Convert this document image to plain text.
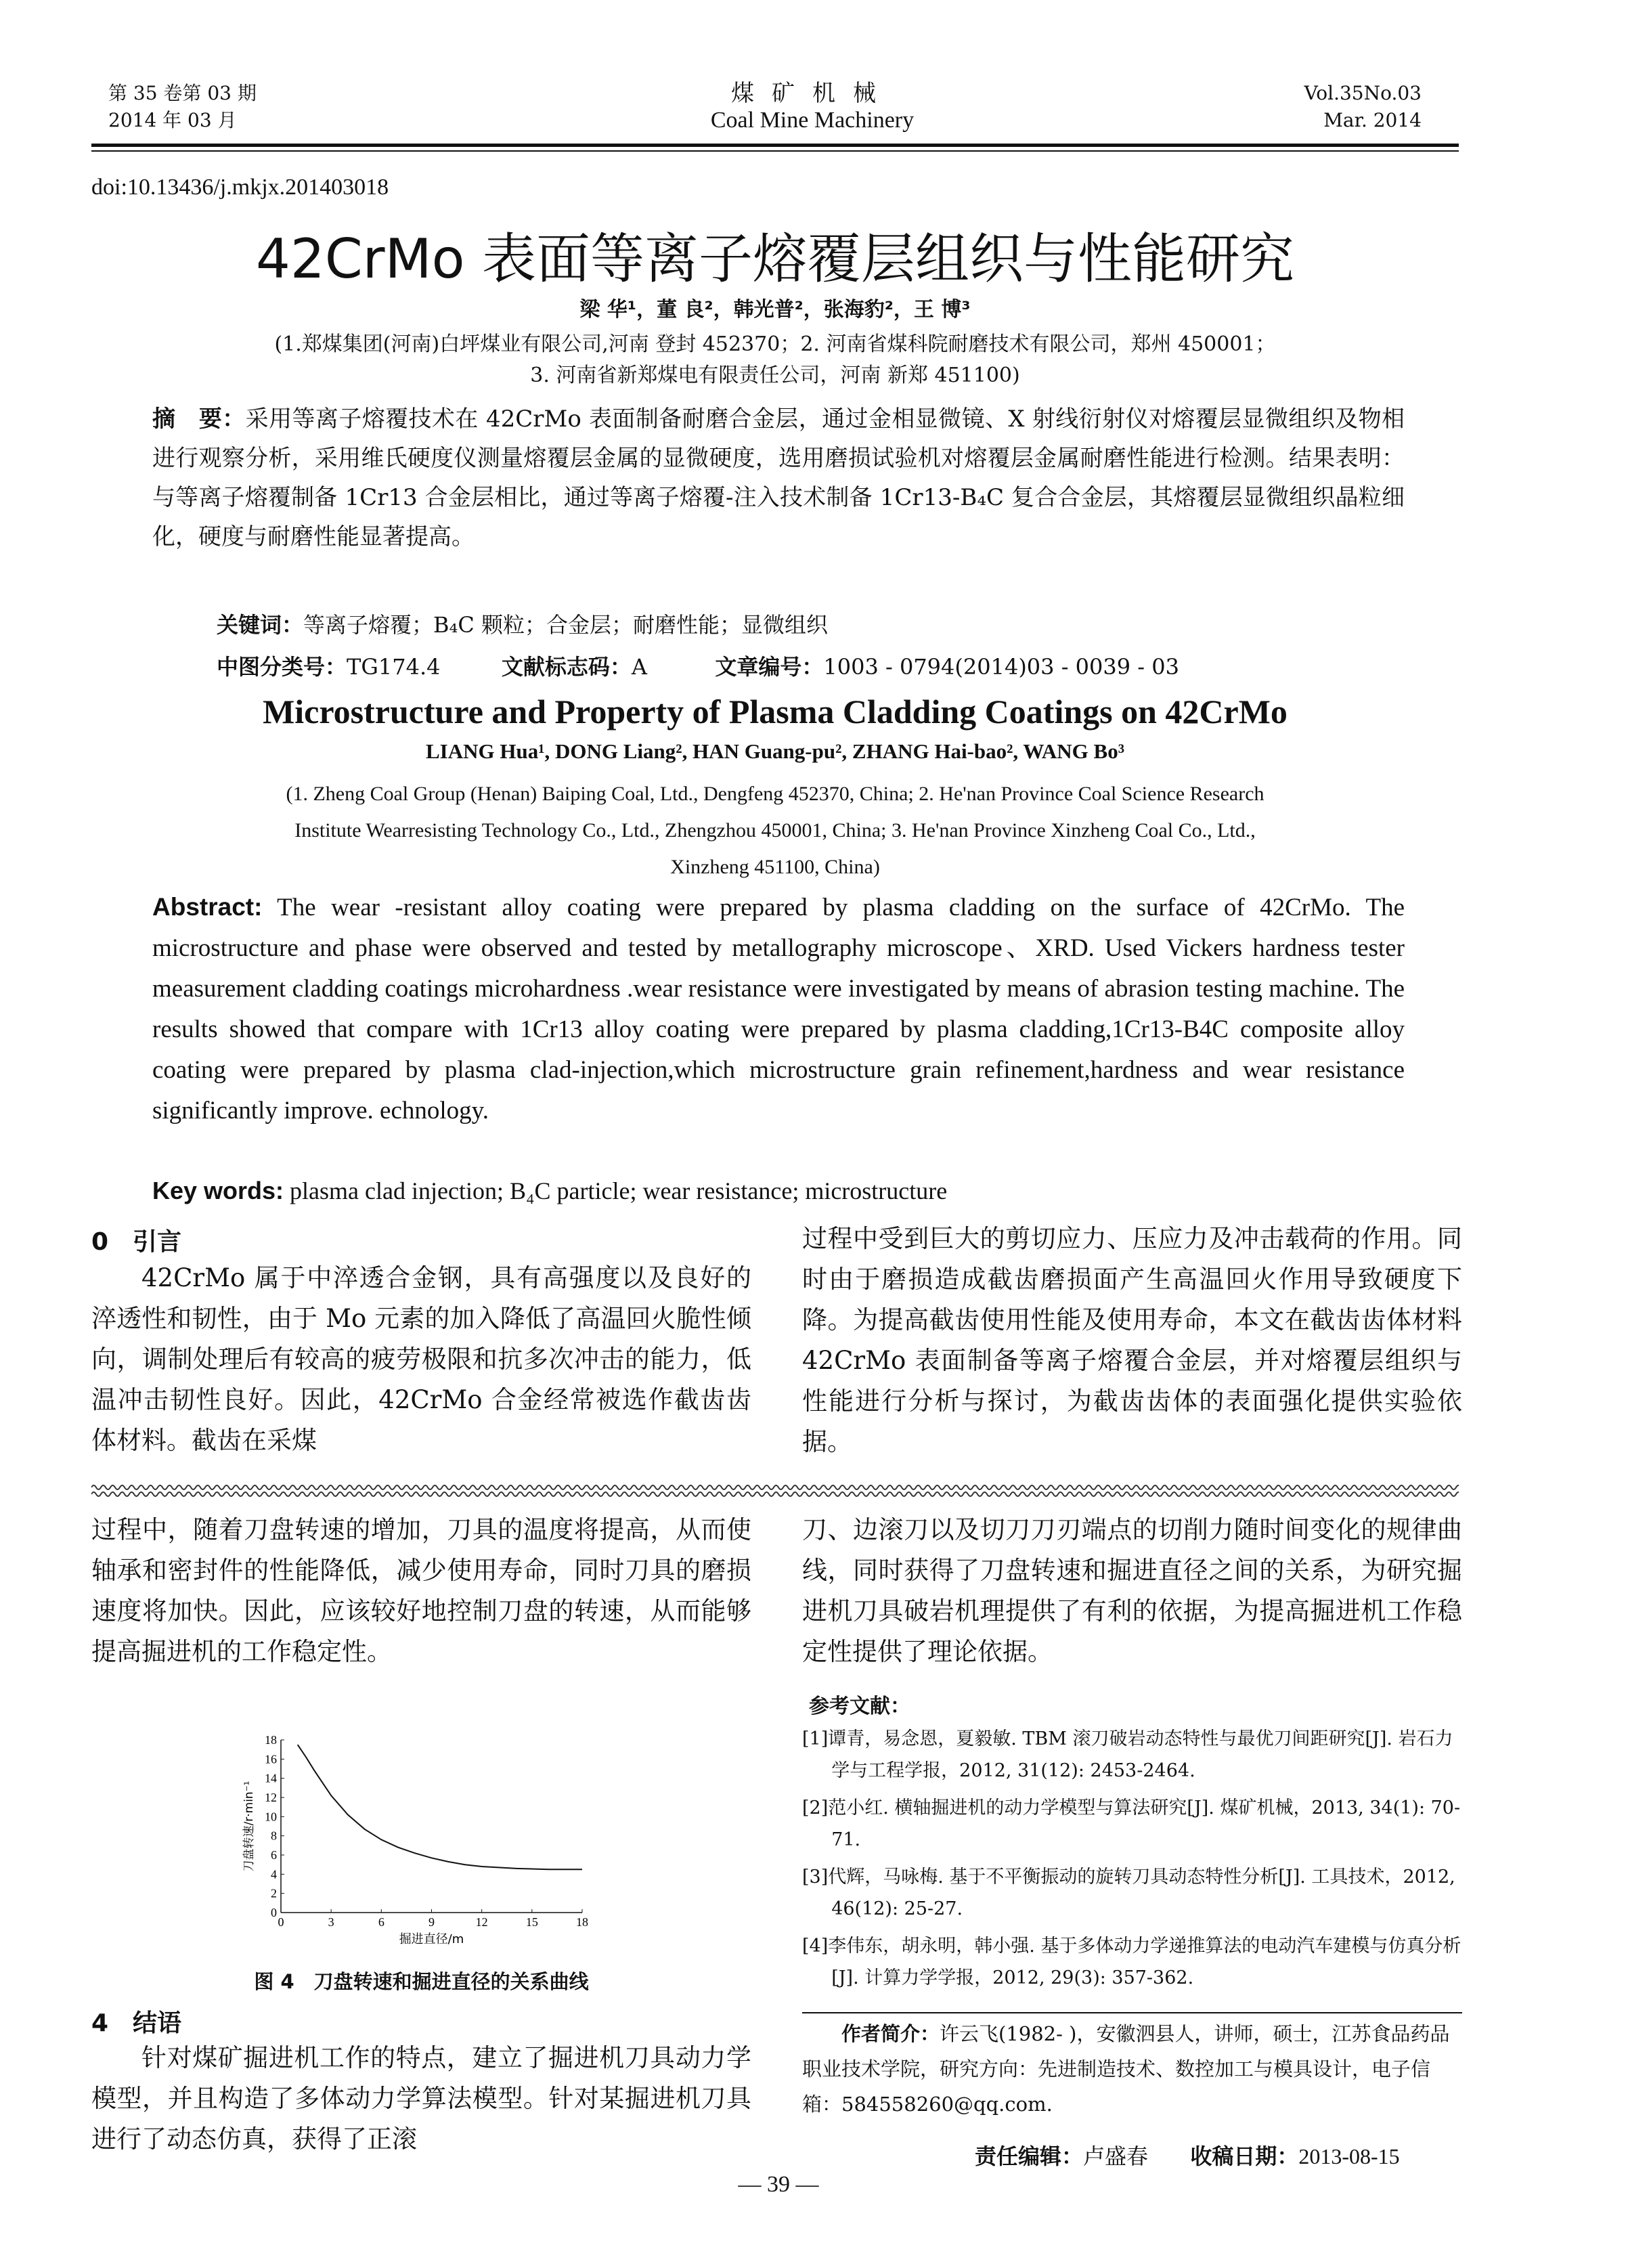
第 35 卷第 03 期
2014 年 03 月
煤矿机械
Coal Mine Machinery
Vol.35No.03
Mar. 2014
doi:10.13436/j.mkjx.201403018
42CrMo 表面等离子熔覆层组织与性能研究
梁 华¹，董 良²，韩光普²，张海豹²，王 博³
(1.郑煤集团(河南)白坪煤业有限公司,河南 登封 452370；2. 河南省煤科院耐磨技术有限公司，郑州 450001；
3. 河南省新郑煤电有限责任公司，河南 新郑 451100)
摘　要：采用等离子熔覆技术在 42CrMo 表面制备耐磨合金层，通过金相显微镜、X 射线衍射仪对熔覆层显微组织及物相进行观察分析，采用维氏硬度仪测量熔覆层金属的显微硬度，选用磨损试验机对熔覆层金属耐磨性能进行检测。结果表明：与等离子熔覆制备 1Cr13 合金层相比，通过等离子熔覆-注入技术制备 1Cr13-B₄C 复合合金层，其熔覆层显微组织晶粒细化，硬度与耐磨性能显著提高。
关键词：等离子熔覆；B₄C 颗粒；合金层；耐磨性能；显微组织
中图分类号：TG174.4	文献标志码：A	文章编号：1003 - 0794(2014)03 - 0039 - 03
Microstructure and Property of Plasma Cladding Coatings on 42CrMo
LIANG Hua¹, DONG Liang², HAN Guang-pu², ZHANG Hai-bao², WANG Bo³
(1. Zheng Coal Group (Henan) Baiping Coal, Ltd., Dengfeng 452370, China; 2. He'nan Province Coal Science Research
Institute Wearresisting Technology Co., Ltd., Zhengzhou 450001, China; 3. He'nan Province Xinzheng Coal Co., Ltd.,
Xinzheng 451100, China)
Abstract: The wear -resistant alloy coating were prepared by plasma cladding on the surface of 42CrMo. The microstructure and phase were observed and tested by metallography microscope、XRD. Used Vickers hardness tester measurement cladding coatings microhardness .wear resistance were investigated by means of abrasion testing machine. The results showed that compare with 1Cr13 alloy coating were prepared by plasma cladding,1Cr13-B4C composite alloy coating were prepared by plasma clad-injection,which microstructure grain refinement,hardness and wear resistance significantly improve. echnology.
Key words: plasma clad injection; B₄C particle; wear resistance; microstructure
0　引言
42CrMo 属于中淬透合金钢，具有高强度以及良好的淬透性和韧性，由于 Mo 元素的加入降低了高温回火脆性倾向，调制处理后有较高的疲劳极限和抗多次冲击的能力，低温冲击韧性良好。因此，42CrMo 合金经常被选作截齿齿体材料。截齿在采煤
过程中受到巨大的剪切应力、压应力及冲击载荷的作用。同时由于磨损造成截齿磨损面产生高温回火作用导致硬度下降。为提高截齿使用性能及使用寿命，本文在截齿齿体材料 42CrMo 表面制备等离子熔覆合金层，并对熔覆层组织与性能进行分析与探讨，为截齿齿体的表面强化提供实验依据。
过程中，随着刀盘转速的增加，刀具的温度将提高，从而使轴承和密封件的性能降低，减少使用寿命，同时刀具的磨损速度将加快。因此，应该较好地控制刀盘的转速，从而能够提高掘进机的工作稳定性。
刀、边滚刀以及切刀刀刃端点的切削力随时间变化的规律曲线，同时获得了刀盘转速和掘进直径之间的关系，为研究掘进机刀具破岩机理提供了有利的依据，为提高掘进机工作稳定性提供了理论依据。
0
2
4
6
8
10
12
14
16
18
3	6	9	12	15	18
0
掘进直径/m
刀盘转速/r·min⁻¹
图 4　刀盘转速和掘进直径的关系曲线
4　结语
针对煤矿掘进机工作的特点，建立了掘进机刀具动力学模型，并且构造了多体动力学算法模型。针对某掘进机刀具进行了动态仿真，获得了正滚
参考文献：
[1]谭青，易念恩，夏毅敏. TBM 滚刀破岩动态特性与最优刀间距研究[J]. 岩石力学与工程学报，2012, 31(12): 2453-2464.
[2]范小红. 横轴掘进机的动力学模型与算法研究[J]. 煤矿机械，2013, 34(1): 70-71.
[3]代辉，马咏梅. 基于不平衡振动的旋转刀具动态特性分析[J]. 工具技术，2012, 46(12): 25-27.
[4]李伟东，胡永明，韩小强. 基于多体动力学递推算法的电动汽车建模与仿真分析[J]. 计算力学学报，2012, 29(3): 357-362.
作者简介：许云飞(1982- )，安徽泗县人，讲师，硕士，江苏食品药品职业技术学院，研究方向：先进制造技术、数控加工与模具设计，电子信箱：584558260@qq.com.
责任编辑：卢盛春 收稿日期：2013-08-15
— 39 —
